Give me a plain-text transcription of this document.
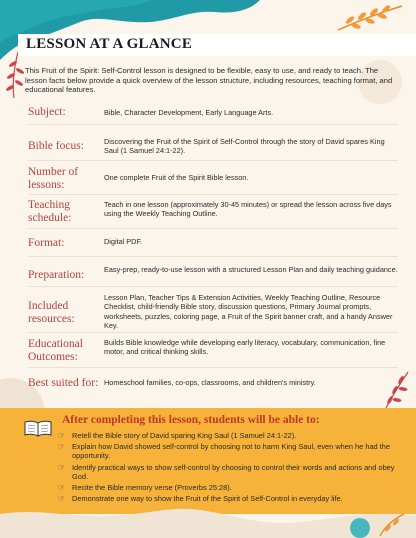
LESSON AT A GLANCE

This Fruit of the Spirit: Self-Control lesson is designed to be flexible, easy to use, and ready to teach. The lesson facts below provide a quick overview of the lesson structure, including resources, teaching format, and educational features.

Subject:	Bible, Character Development, Early Language Arts.
Bible focus:	Discovering the Fruit of the Spirit of Self-Control through the story of David spares King Saul (1 Samuel 24:1-22).
Number of lessons:
One complete Fruit of the Spirit Bible lesson.
Teaching schedule:
Teach in one lesson (approximately 30-45 minutes) or spread the lesson across five days using the Weekly Teaching Outline.
Format:	Digital PDF.
Preparation:	Easy-prep, ready-to-use lesson with a structured Lesson Plan and daily teaching guidance.
Included resources:
Lesson Plan, Teacher Tips & Extension Activities, Weekly Teaching Outline, Resource Checklist, child-friendly Bible story, discussion questions, Primary Journal prompts, worksheets, puzzles, coloring page, a Fruit of the Spirit banner craft, and a handy Answer Key.
Educational Outcomes:
Builds Bible knowledge while developing early literacy, vocabulary, communication, fine motor, and critical thinking skills.
Best suited for: Homeschool families, co-ops, classrooms, and children's ministry.
After completing this lesson, students will be able to:
☞ Retell the Bible story of David sparing King Saul (1 Samuel 24:1-22).
☞ Explain how David showed self-control by choosing not to harm King Saul, even when he had the opportunity.
☞ Identify practical ways to show self-control by choosing to control their words and actions and obey God.
☞ Recite the Bible memory verse (Proverbs 25:28).
☞ Demonstrate one way to show the Fruit of the Spirit of Self-Control in everyday life.
